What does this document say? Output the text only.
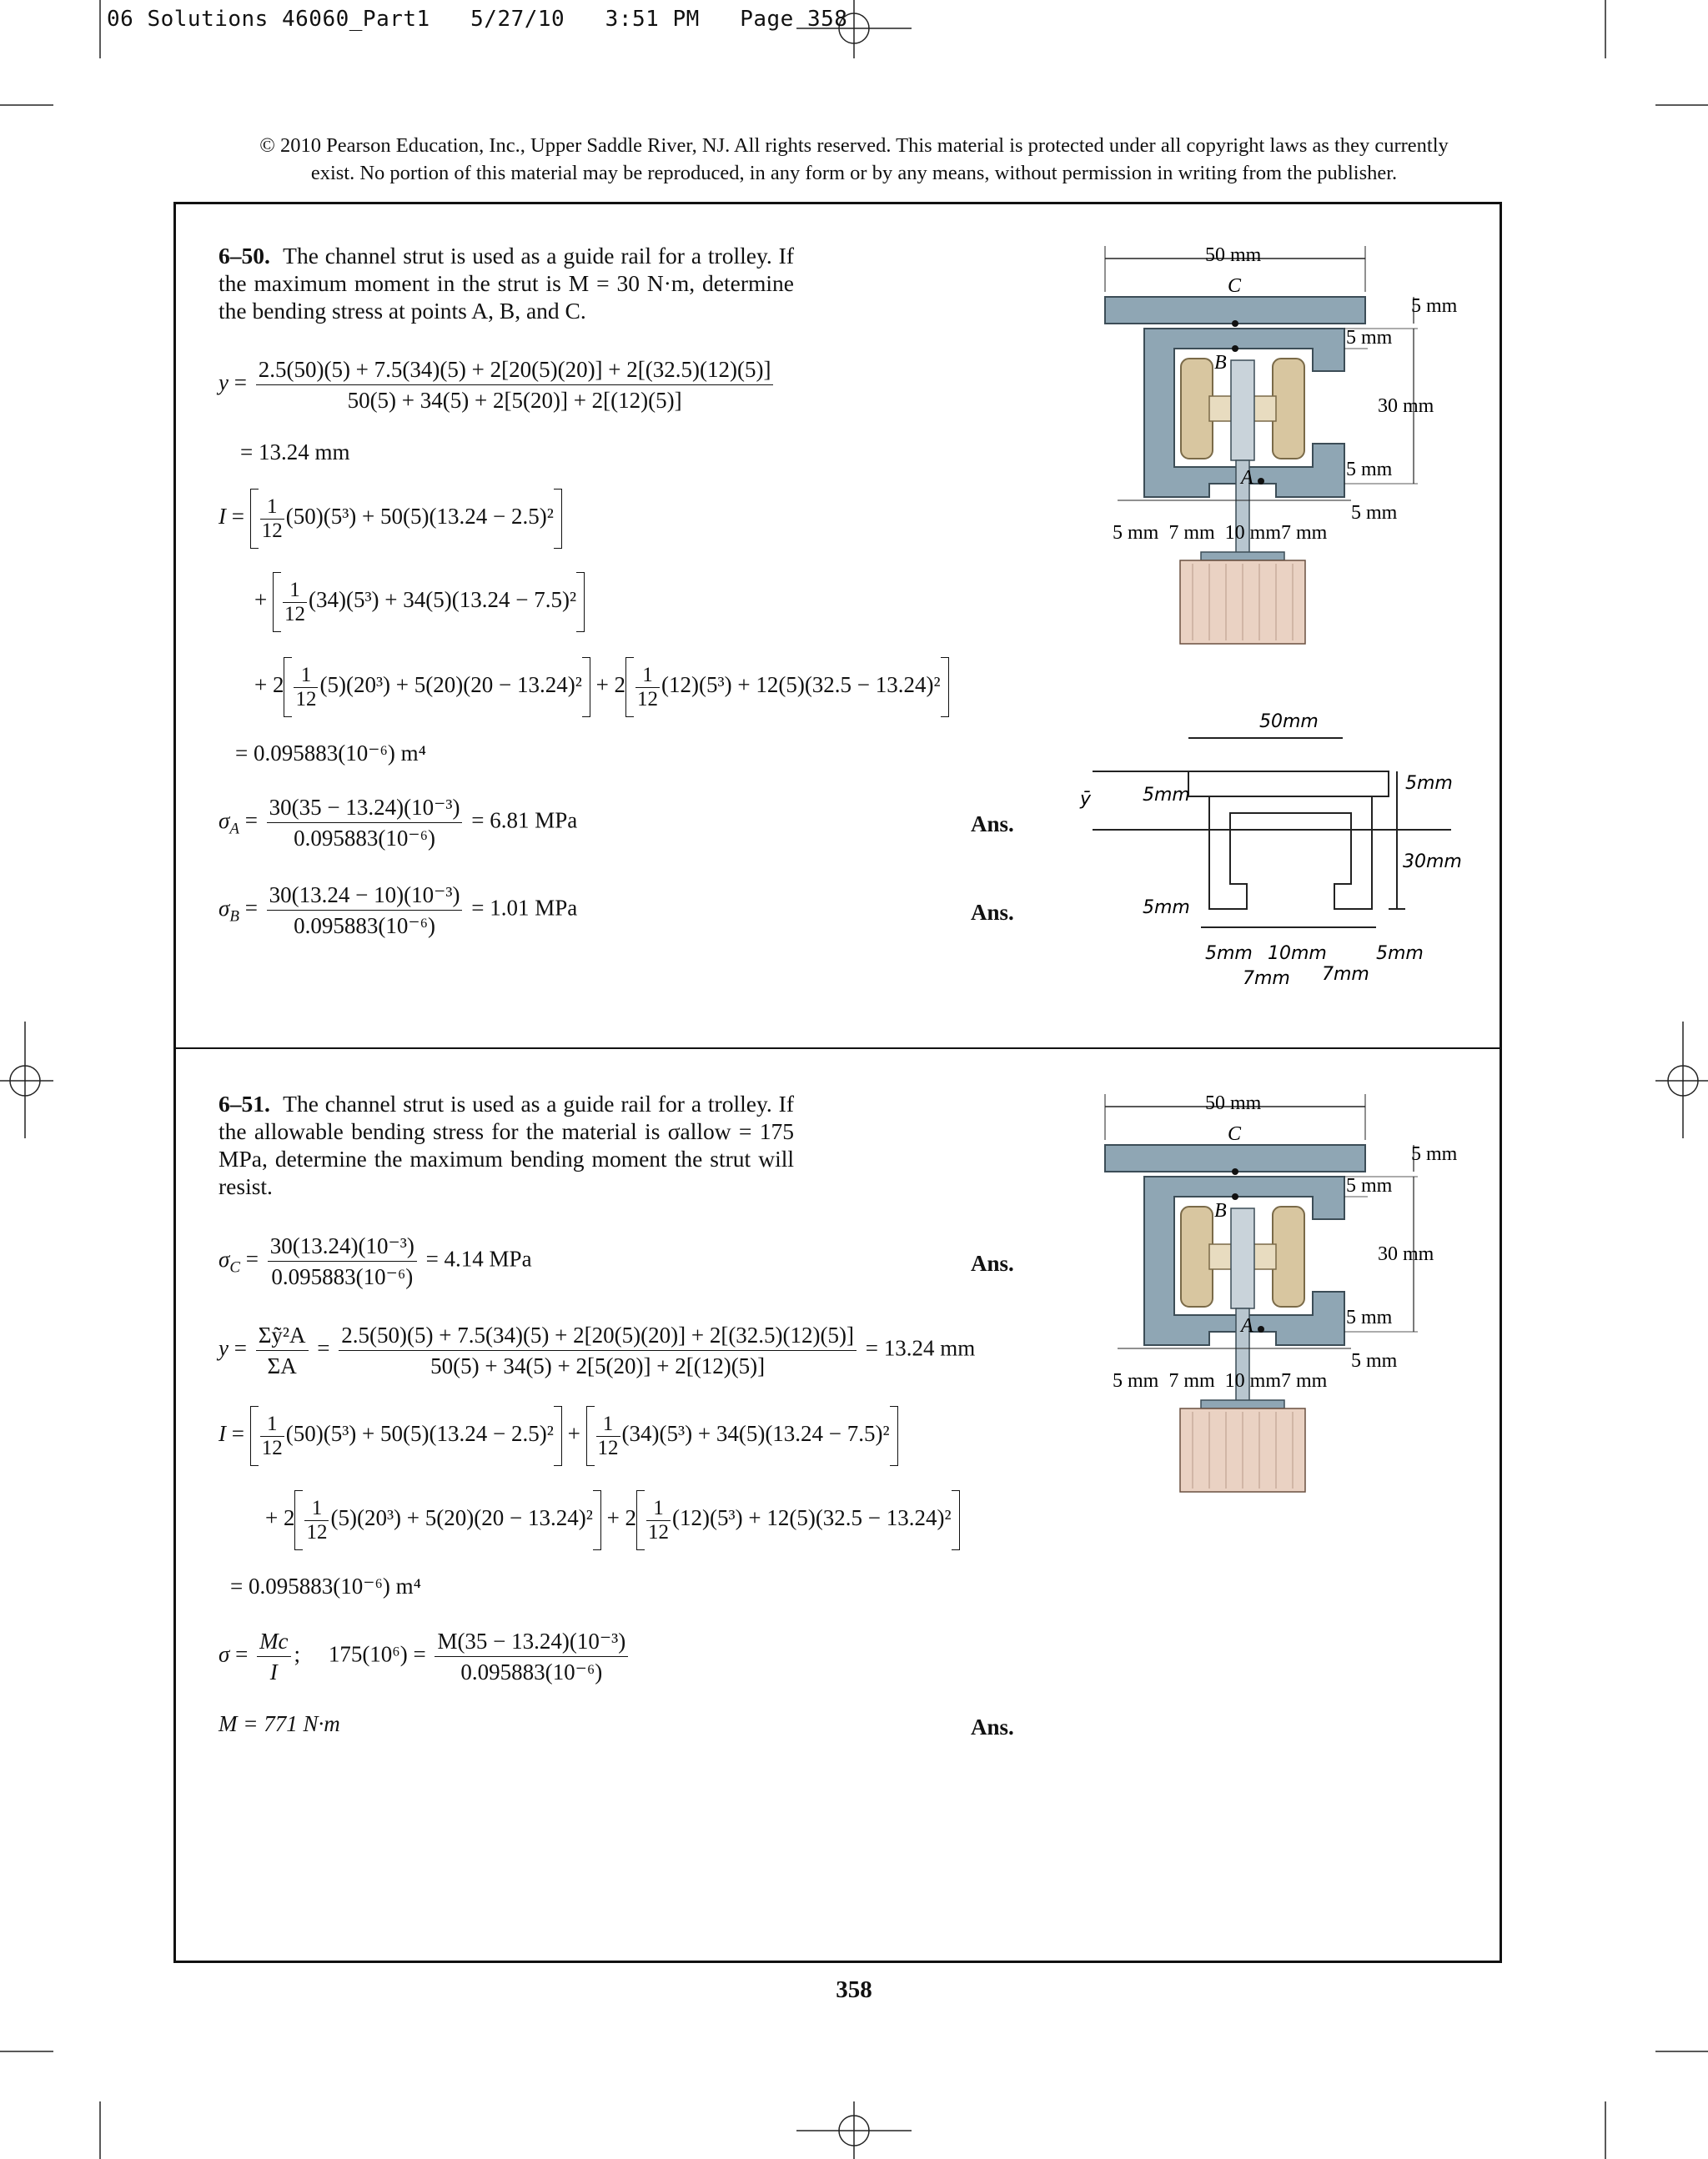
06 Solutions 46060_Part1   5/27/10   3:51 PM   Page 358
© 2010 Pearson Education, Inc., Upper Saddle River, NJ. All rights reserved. This material is protected under all copyright laws as they currently
exist. No portion of this material may be reproduced, in any form or by any means, without permission in writing from the publisher.
6–50. The channel strut is used as a guide rail for a trolley. If the maximum moment in the strut is M = 30 N·m, determine the bending stress at points A, B, and C.
$y = \frac{2.5(50)(5) + 7.5(34)(5) + 2[20(5)(20)] + 2[(32.5)(12)(5)]}{50(5) + 34(5) + 2[5(20)] + 2[(12)(5)]}$
= 13.24 mm
$I = \frac{1}{12} (50)(5^3) + 50(5)(13.24 - 2.5)^2$
+ $\frac{1}{12} (34)(5^3) + 34(5)(13.24 - 7.5)^2$
+ $2 \frac{1}{12} (5)(20^3) + 5(20)(20 - 13.24)^2 + 2 \frac{1}{12} (12)(5^3) + 12(5)(32.5 - 13.24)^2$
= 0.095883(10⁻⁶) m⁴
$\sigma_A = \frac{\text{30(35 − 13.24)(10⁻³)}}{\text{0.095883(10⁻⁶)}} = 6.81$ MPa	Ans.
$\sigma_B = \frac{\text{30(13.24 − 10)(10⁻³)}}{\text{0.095883(10⁻⁶)}} = 1.01$ MPa	Ans.
6–51. The channel strut is used as a guide rail for a trolley. If the allowable bending stress for the material is σallow = 175 MPa, determine the maximum bending moment the strut will resist.
$\sigma_C = \frac{\text{30(13.24)(10⁻³)}}{\text{0.095883(10⁻⁶)}} = 4.14$ MPa	Ans.
$y = \frac{\text{Σỹ²A}}{\Sigma A} = \frac{2.5(50)(5) + 7.5(34)(5) + 2[20(5)(20)] + 2[(32.5)(12)(5)]}{50(5) + 34(5) + 2[5(20)] + 2[(12)(5)]} = 13.24$ mm
$I = \frac{1}{12} (50)(5^3) + 50(5)(13.24 - 2.5)^2 + \frac{1}{12} (34)(5^3) + 34(5)(13.24 - 7.5)^2$
+ $2 \frac{1}{12} (5)(20^3) + 5(20)(20 - 13.24)^2 + 2 \frac{1}{12} (12)(5^3) + 12(5)(32.5 - 13.24)^2$
= 0.095883(10⁻⁶) m⁴
$\sigma = \frac{Mc}{I}$ ;     $175(10^6) = \frac{\text{M(35 − 13.24)(10⁻³)}}{\text{0.095883(10⁻⁶)}}$
M = 771 N·m	Ans.
50 mm
C
B
A
5 mm
5 mm
30 mm
5 mm
5 mm
5 mm  7 mm  10 mm7 mm
50 mm
C
B
A
5 mm
5 mm
30 mm
5 mm
5 mm
5 mm  7 mm  10 mm7 mm
50mm
5mm
5mm
30mm
5mm
5mm 10mm	5mm
7mm 7mm
ȳ
358
